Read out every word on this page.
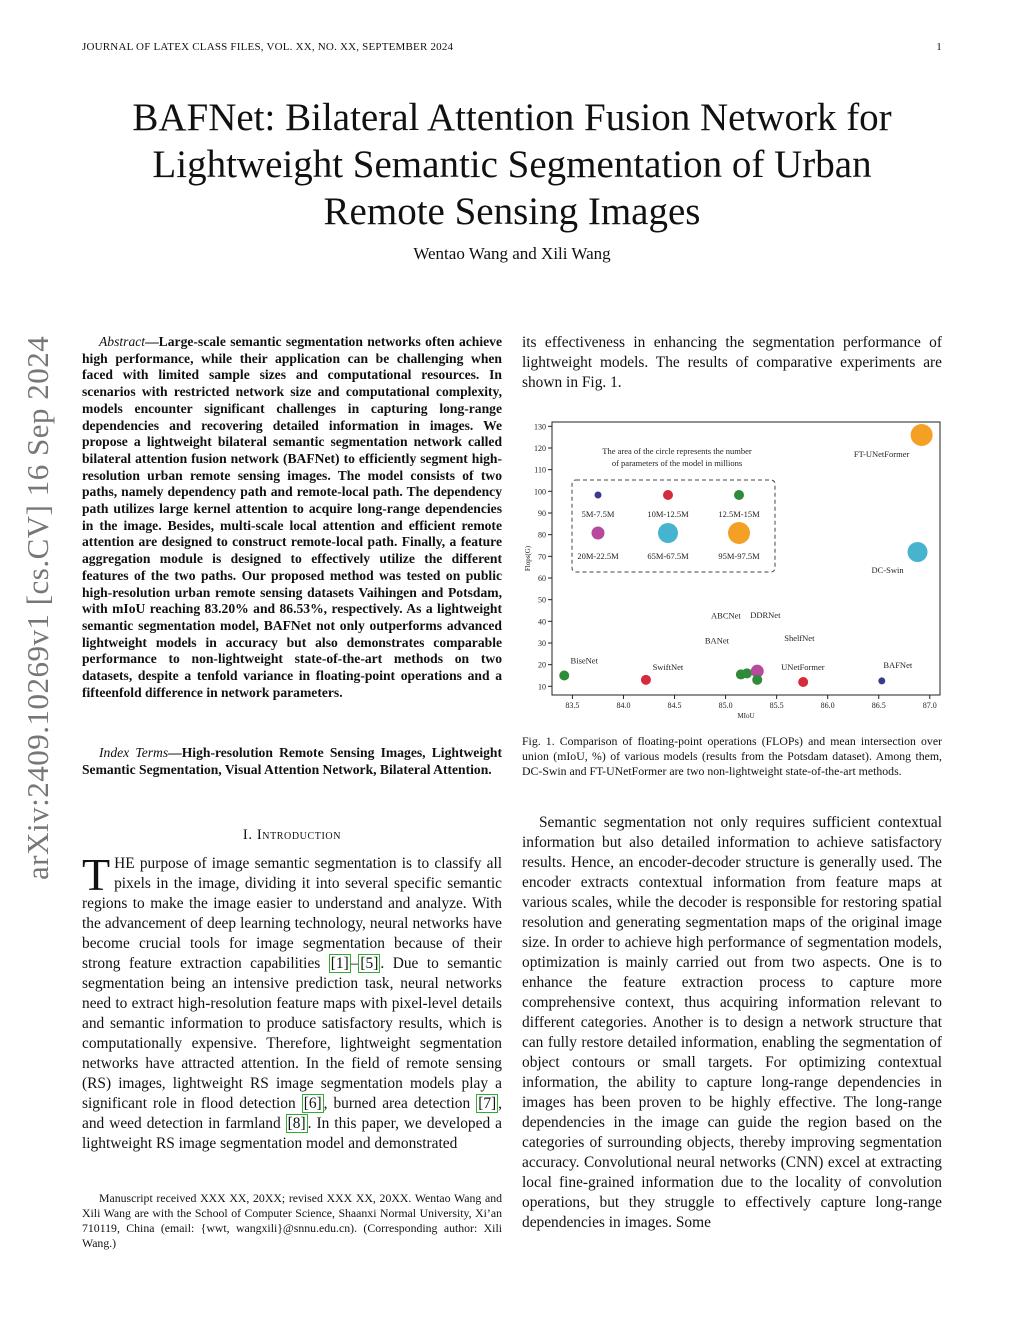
JOURNAL OF LATEX CLASS FILES, VOL. XX, NO. XX, SEPTEMBER 2024	1
BAFNet: Bilateral Attention Fusion Network for
Lightweight Semantic Segmentation of Urban
Remote Sensing Images
Wentao Wang and Xili Wang
arXiv:2409.10269v1 [cs.CV] 16 Sep 2024	Abstract—Large-scale semantic segmentation networks often achieve high performance, while their application can be challenging when faced with limited sample sizes and computational resources. In scenarios with restricted network size and computational complexity, models encounter significant challenges in capturing long-range dependencies and recovering detailed information in images. We propose a lightweight bilateral semantic segmentation network called bilateral attention fusion network (BAFNet) to efficiently segment high-resolution urban remote sensing images. The model consists of two paths, namely dependency path and remote-local path. The dependency path utilizes large kernel attention to acquire long-range dependencies in the image. Besides, multi-scale local attention and efficient remote attention are designed to construct remote-local path. Finally, a feature aggregation module is designed to effectively utilize the different features of the two paths. Our proposed method was tested on public high-resolution urban remote sensing datasets Vaihingen and Potsdam, with mIoU reaching 83.20% and 86.53%, respectively. As a lightweight semantic segmentation model, BAFNet not only outperforms advanced lightweight models in accuracy but also demonstrates comparable performance to non-lightweight state-of-the-art methods on two datasets, despite a tenfold variance in floating-point operations and a fifteenfold difference in network parameters.

Index Terms—High-resolution Remote Sensing Images, Lightweight Semantic Segmentation, Visual Attention Network, Bilateral Attention.

I. Introduction
THE purpose of image semantic segmentation is to classify all pixels in the image, dividing it into several specific semantic regions to make the image easier to understand and analyze. With the advancement of deep learning technology, neural networks have become crucial tools for image segmentation because of their strong feature extraction capabilities [1] – [5] . Due to semantic segmentation being an intensive prediction task, neural networks need to extract high-resolution feature maps with pixel-level details and semantic information to produce satisfactory results, which is computationally expensive. Therefore, lightweight segmentation networks have attracted attention. In the field of remote sensing (RS) images, lightweight RS image segmentation models play a significant role in flood detection [6] , burned area detection [7] , and weed detection in farmland [8] . In this paper, we developed a lightweight RS image segmentation model and demonstrated

Manuscript received XXX XX, 20XX; revised XXX XX, 20XX. Wentao Wang and Xili Wang are with the School of Computer Science, Shaanxi Normal University, Xi’an 710119, China (email: {wwt, wangxili}@snnu.edu.cn). (Corresponding author: Xili Wang.)

its effectiveness in enhancing the segmentation performance of lightweight models. The results of comparative experiments are shown in Fig. 1.

83.5	84.0	84.5	85.0	85.5	86.0	86.5	87.0
10
20
30
40
50
60
70
80
90
100
110
120
130
MIoU
Flops(G)
The area of the circle represents the number
of parameters of the model in millions
5M-7.5M	10M-12.5M	12.5M-15M
20M-22.5M	65M-67.5M	95M-97.5M
BiseNet
SwiftNet
BANet
ABCNet DDRNet
ShelfNet
UNetFormer	BAFNet
DC-Swin
FT-UNetFormer

Fig. 1. Comparison of floating-point operations (FLOPs) and mean intersection over union (mIoU, %) of various models (results from the Potsdam dataset). Among them, DC-Swin and FT-UNetFormer are two non-lightweight state-of-the-art methods.

Semantic segmentation not only requires sufficient contextual information but also detailed information to achieve satisfactory results. Hence, an encoder-decoder structure is generally used. The encoder extracts contextual information from feature maps at various scales, while the decoder is responsible for restoring spatial resolution and generating segmentation maps of the original image size. In order to achieve high performance of segmentation models, optimization is mainly carried out from two aspects. One is to enhance the feature extraction process to capture more comprehensive context, thus acquiring information relevant to different categories. Another is to design a network structure that can fully restore detailed information, enabling the segmentation of object contours or small targets. For optimizing contextual information, the ability to capture long-range dependencies in images has been proven to be highly effective. The long-range dependencies in the image can guide the region based on the categories of surrounding objects, thereby improving segmentation accuracy. Convolutional neural networks (CNN) excel at extracting local fine-grained information due to the locality of convolution operations, but they struggle to effectively capture long-range dependencies in images. Some
